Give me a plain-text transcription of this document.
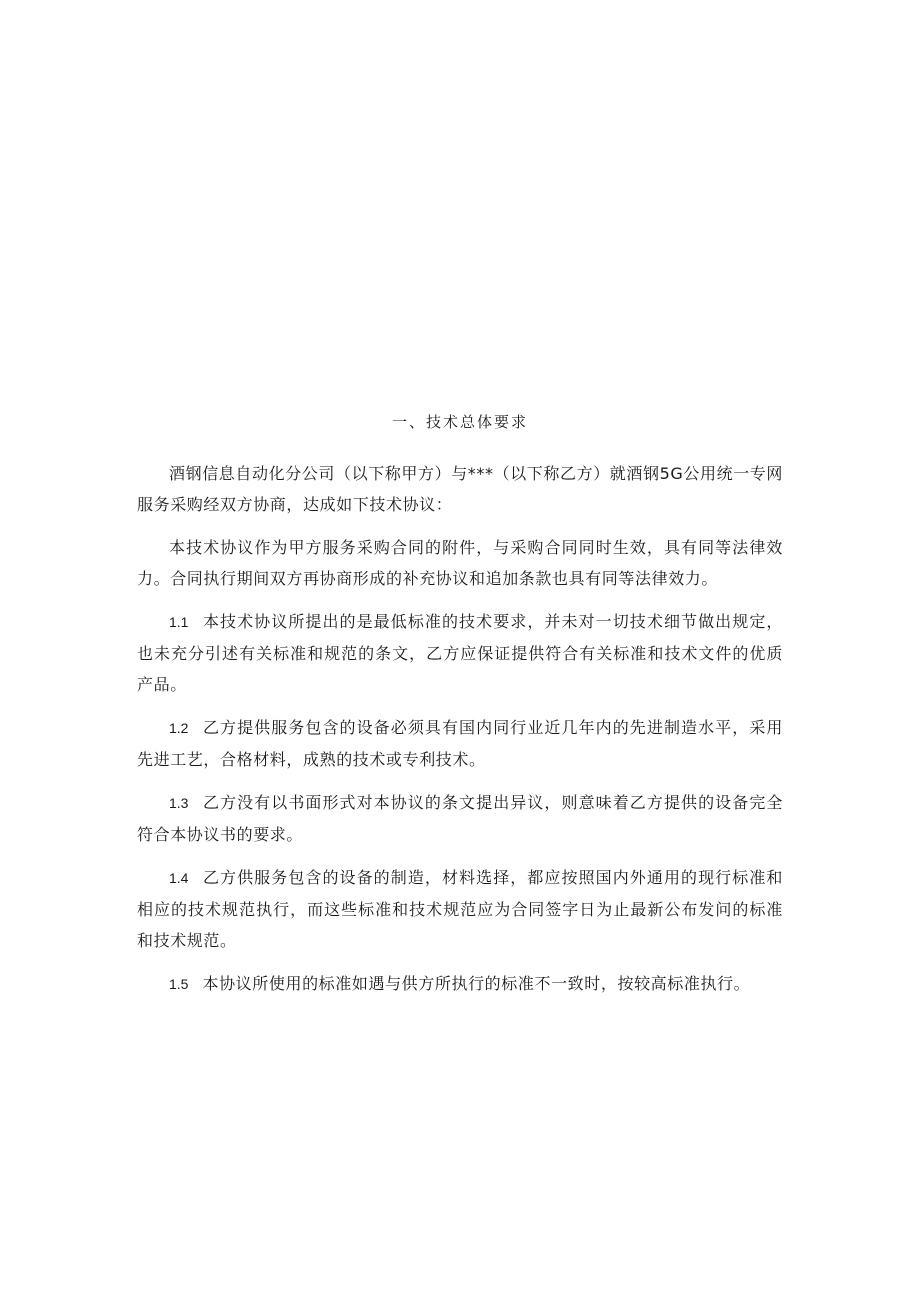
一、技术总体要求

酒钢信息自动化分公司（以下称甲方）与***（以下称乙方）就酒钢5G公用统一专网服务采购经双方协商，达成如下技术协议：

本技术协议作为甲方服务采购合同的附件，与采购合同同时生效，具有同等法律效力。合同执行期间双方再协商形成的补充协议和追加条款也具有同等法律效力。

1.1 本技术协议所提出的是最低标准的技术要求，并未对一切技术细节做出规定，也未充分引述有关标准和规范的条文，乙方应保证提供符合有关标准和技术文件的优质产品。

1.2 乙方提供服务包含的设备必须具有国内同行业近几年内的先进制造水平，采用先进工艺，合格材料，成熟的技术或专利技术。

1.3 乙方没有以书面形式对本协议的条文提出异议，则意味着乙方提供的设备完全符合本协议书的要求。

1.4 乙方供服务包含的设备的制造，材料选择，都应按照国内外通用的现行标准和相应的技术规范执行，而这些标准和技术规范应为合同签字日为止最新公布发问的标准和技术规范。

1.5 本协议所使用的标准如遇与供方所执行的标准不一致时，按较高标准执行。
